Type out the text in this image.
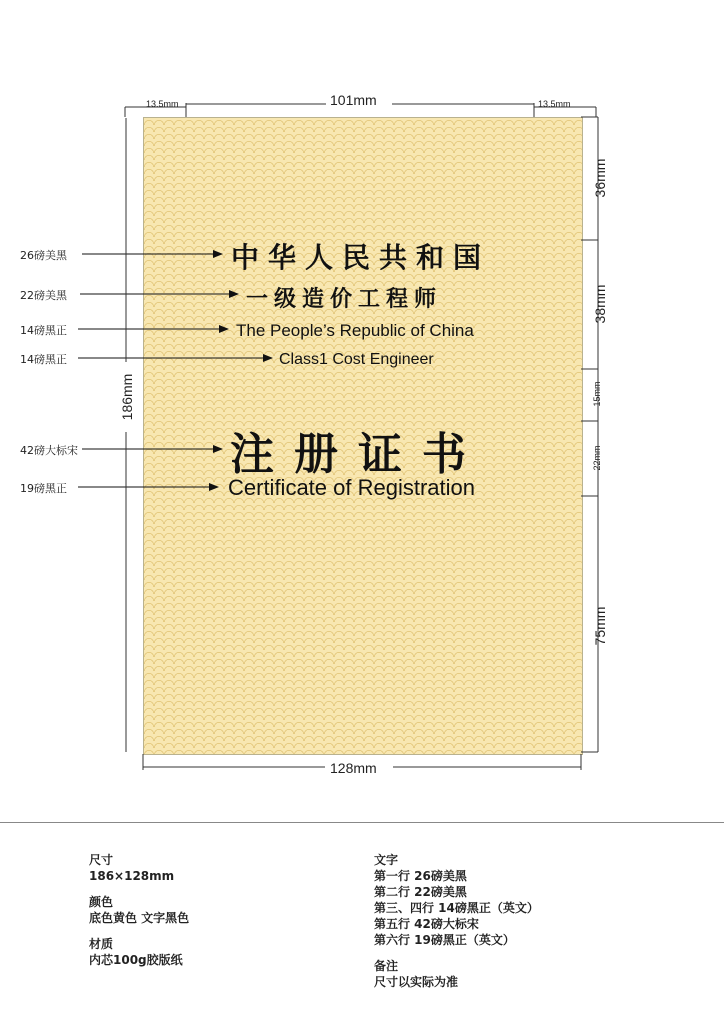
中华人民共和国
一级造价工程师
The People’s Republic of China
Class1 Cost Engineer
注册证书
Certificate of Registration
26磅美黑
22磅美黑
14磅黑正
14磅黑正
42磅大标宋
19磅黑正
13.5mm	101mm	13.5mm
186mm
128mm
36mm
38mm
15mm
22mm
75mm
尺寸
186×128mm
颜色
底色黄色 文字黑色
材质
内芯100g胶版纸
文字
第一行 26磅美黑
第二行 22磅美黑
第三、四行 14磅黑正（英文）
第五行 42磅大标宋
第六行 19磅黑正（英文）
备注
尺寸以实际为准
